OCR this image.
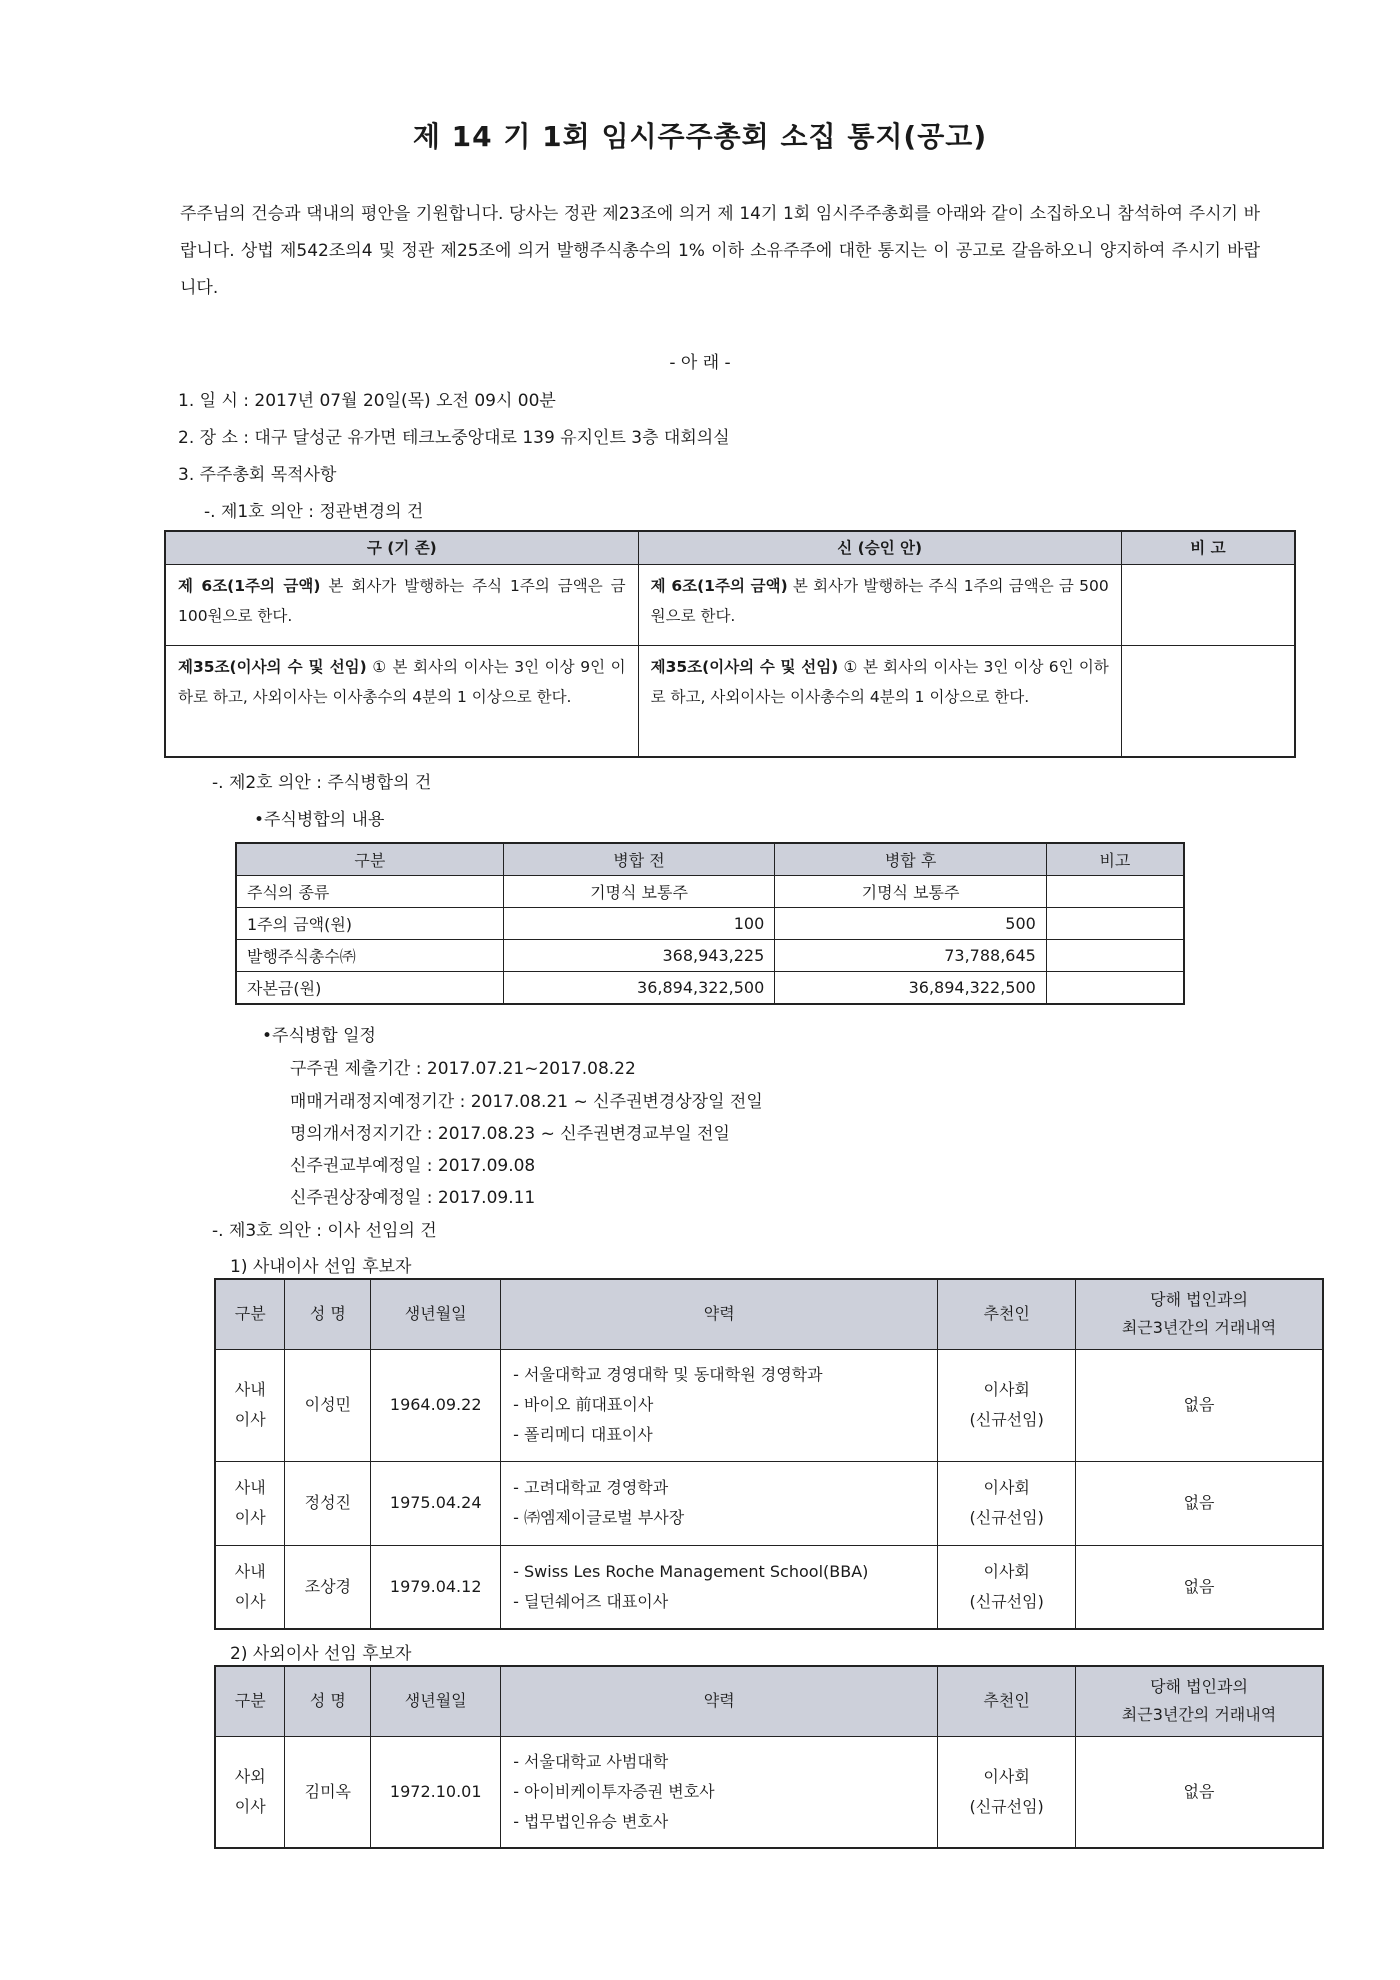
제 14 기 1회 임시주주총회 소집 통지(공고)
주주님의 건승과 댁내의 평안을 기원합니다. 당사는 정관 제23조에 의거 제 14기 1회 임시주주총회를 아래와 같이 소집하오니 참석하여 주시기 바랍니다. 상법 제542조의4 및 정관 제25조에 의거 발행주식총수의 1% 이하 소유주주에 대한 통지는 이 공고로 갈음하오니 양지하여 주시기 바랍니다.
- 아 래 -
1. 일 시 : 2017년 07월 20일(목) 오전 09시 00분
2. 장 소 : 대구 달성군 유가면 테크노중앙대로 139 유지인트 3층 대회의실
3. 주주총회 목적사항
-. 제1호 의안 : 정관변경의 건
구 (기 존)	신 (승인 안)	비 고
제 6조(1주의 금액) 본 회사가 발행하는 주식 1주의 금액은 금 100원으로 한다.	제 6조(1주의 금액) 본 회사가 발행하는 주식 1주의 금액은 금 500원으로 한다.	
제35조(이사의 수 및 선임) ① 본 회사의 이사는 3인 이상 9인 이하로 하고, 사외이사는 이사총수의 4분의 1 이상으로 한다.	제35조(이사의 수 및 선임) ① 본 회사의 이사는 3인 이상 6인 이하로 하고, 사외이사는 이사총수의 4분의 1 이상으로 한다.	
-. 제2호 의안 : 주식병합의 건
•주식병합의 내용
구분	병합 전	병합 후	비고
주식의 종류	기명식 보통주	기명식 보통주	
1주의 금액(원)	100	500	
발행주식총수㈜	368,943,225	73,788,645	
자본금(원)	36,894,322,500	36,894,322,500	
•주식병합 일정
구주권 제출기간 : 2017.07.21~2017.08.22
매매거래정지예정기간 : 2017.08.21 ~ 신주권변경상장일 전일
명의개서정지기간 : 2017.08.23 ~ 신주권변경교부일 전일
신주권교부예정일 : 2017.09.08
신주권상장예정일 : 2017.09.11
-. 제3호 의안 : 이사 선임의 건
1) 사내이사 선임 후보자
구분	성 명	생년월일	약력	추천인	당해 법인과의
최근3년간의 거래내역
사내
이사	이성민	1964.09.22	- 서울대학교 경영대학 및 동대학원 경영학과
- 바이오 前대표이사
- 폴리메디 대표이사	이사회
(신규선임)	없음
사내
이사	정성진	1975.04.24	- 고려대학교 경영학과
- ㈜엠제이글로벌 부사장	이사회
(신규선임)	없음
사내
이사	조상경	1979.04.12	- Swiss Les Roche Management School(BBA)
- 딜던쉐어즈 대표이사	이사회
(신규선임)	없음
2) 사외이사 선임 후보자
구분	성 명	생년월일	약력	추천인	당해 법인과의
최근3년간의 거래내역
사외
이사	김미옥	1972.10.01	- 서울대학교 사범대학
- 아이비케이투자증권 변호사
- 법무법인유승 변호사	이사회
(신규선임)	없음
